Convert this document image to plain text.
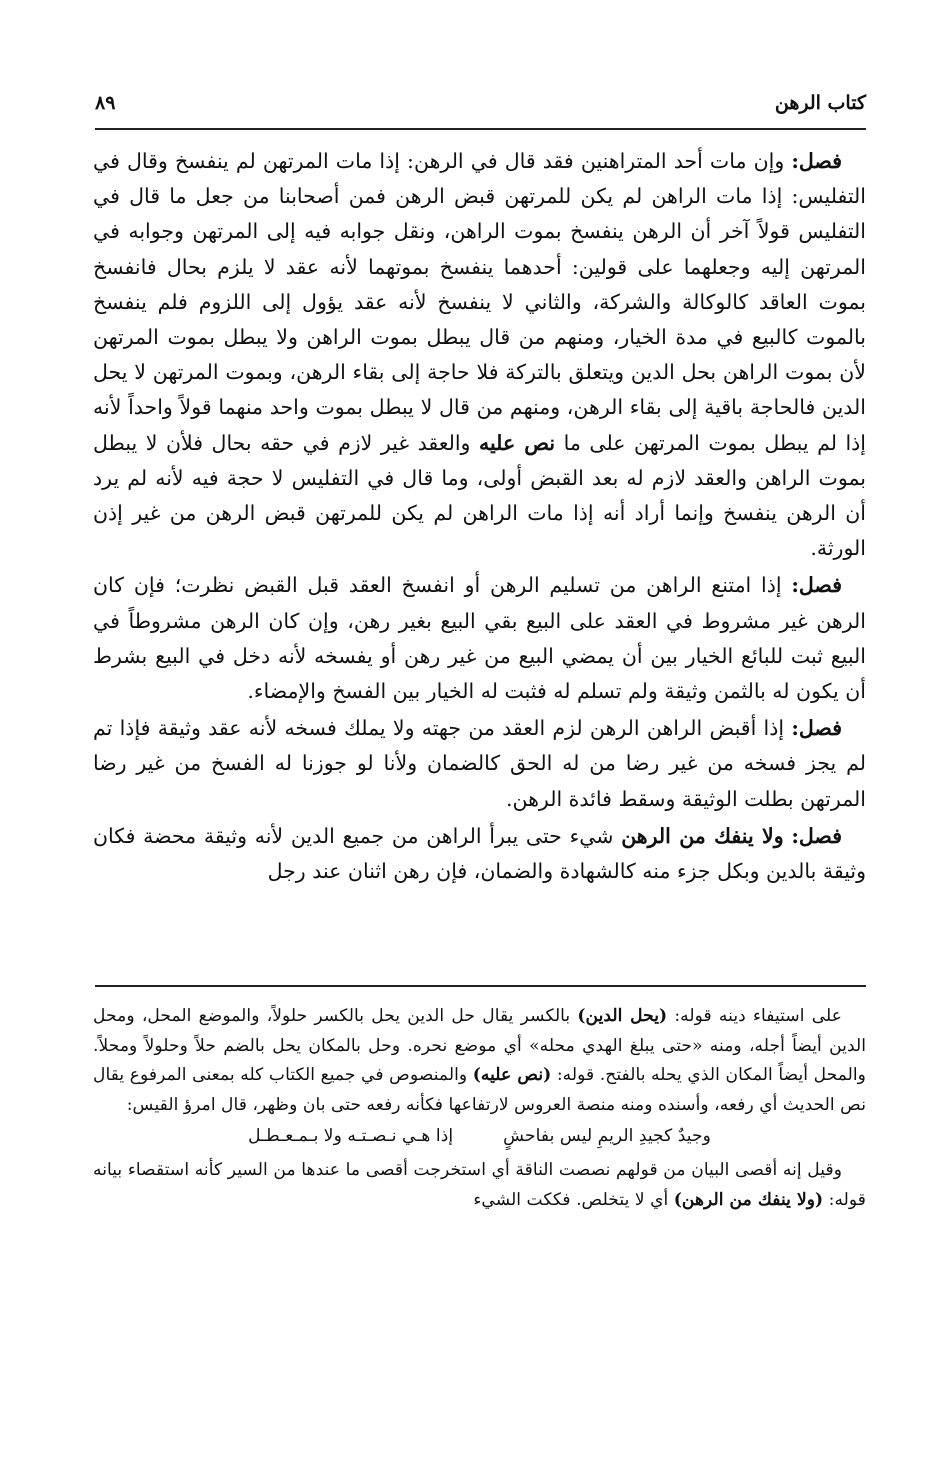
كتاب الرهن
٨٩

فصل: وإن مات أحد المتراهنين فقد قال في الرهن: إذا مات المرتهن لم ينفسخ وقال في التفليس: إذا مات الراهن لم يكن للمرتهن قبض الرهن فمن أصحابنا من جعل ما قال في التفليس قولاً آخر أن الرهن ينفسخ بموت الراهن، ونقل جوابه فيه إلى المرتهن وجوابه في المرتهن إليه وجعلهما على قولين: أحدهما ينفسخ بموتهما لأنه عقد لا يلزم بحال فانفسخ بموت العاقد كالوكالة والشركة، والثاني لا ينفسخ لأنه عقد يؤول إلى اللزوم فلم ينفسخ بالموت كالبيع في مدة الخيار، ومنهم من قال يبطل بموت الراهن ولا يبطل بموت المرتهن لأن بموت الراهن بحل الدين ويتعلق بالتركة فلا حاجة إلى بقاء الرهن، وبموت المرتهن لا يحل الدين فالحاجة باقية إلى بقاء الرهن، ومنهم من قال لا يبطل بموت واحد منهما قولاً واحداً لأنه إذا لم يبطل بموت المرتهن على ما نص عليه والعقد غير لازم في حقه بحال فلأن لا يبطل بموت الراهن والعقد لازم له بعد القبض أولى، وما قال في التفليس لا حجة فيه لأنه لم يرد أن الرهن ينفسخ وإنما أراد أنه إذا مات الراهن لم يكن للمرتهن قبض الرهن من غير إذن الورثة.

فصل: إذا امتنع الراهن من تسليم الرهن أو انفسخ العقد قبل القبض نظرت؛ فإن كان الرهن غير مشروط في العقد على البيع بقي البيع بغير رهن، وإن كان الرهن مشروطاً في البيع ثبت للبائع الخيار بين أن يمضي البيع من غير رهن أو يفسخه لأنه دخل في البيع بشرط أن يكون له بالثمن وثيقة ولم تسلم له فثبت له الخيار بين الفسخ والإمضاء.

فصل: إذا أقبض الراهن الرهن لزم العقد من جهته ولا يملك فسخه لأنه عقد وثيقة فإذا تم لم يجز فسخه من غير رضا من له الحق كالضمان ولأنا لو جوزنا له الفسخ من غير رضا المرتهن بطلت الوثيقة وسقط فائدة الرهن.

فصل: ولا ينفك من الرهن شيء حتى يبرأ الراهن من جميع الدين لأنه وثيقة محضة فكان وثيقة بالدين وبكل جزء منه كالشهادة والضمان، فإن رهن اثنان عند رجل

على استيفاء دينه قوله: (يحل الدين) بالكسر يقال حل الدين يحل بالكسر حلولاً، والموضع المحل، ومحل الدين أيضاً أجله، ومنه «حتى يبلغ الهدي محله» أي موضع نحره. وحل بالمكان يحل بالضم حلاً وحلولاً ومحلاً. والمحل أيضاً المكان الذي يحله بالفتح. قوله: (نص عليه) والمنصوص في جميع الكتاب كله بمعنى المرفوع يقال نص الحديث أي رفعه، وأسنده ومنه منصة العروس لارتفاعها فكأنه رفعه حتى بان وظهر، قال امرؤ القيس:

وجيدٌ كجيدِ الريمِ ليس بفاحشٍ
إذا هـي نـصـتـه ولا بـمـعـطـل

وقيل إنه أقصى البيان من قولهم نصصت الناقة أي استخرجت أقصى ما عندها من السير كأنه استقصاء بيانه قوله: (ولا ينفك من الرهن) أي لا يتخلص. فككت الشيء
